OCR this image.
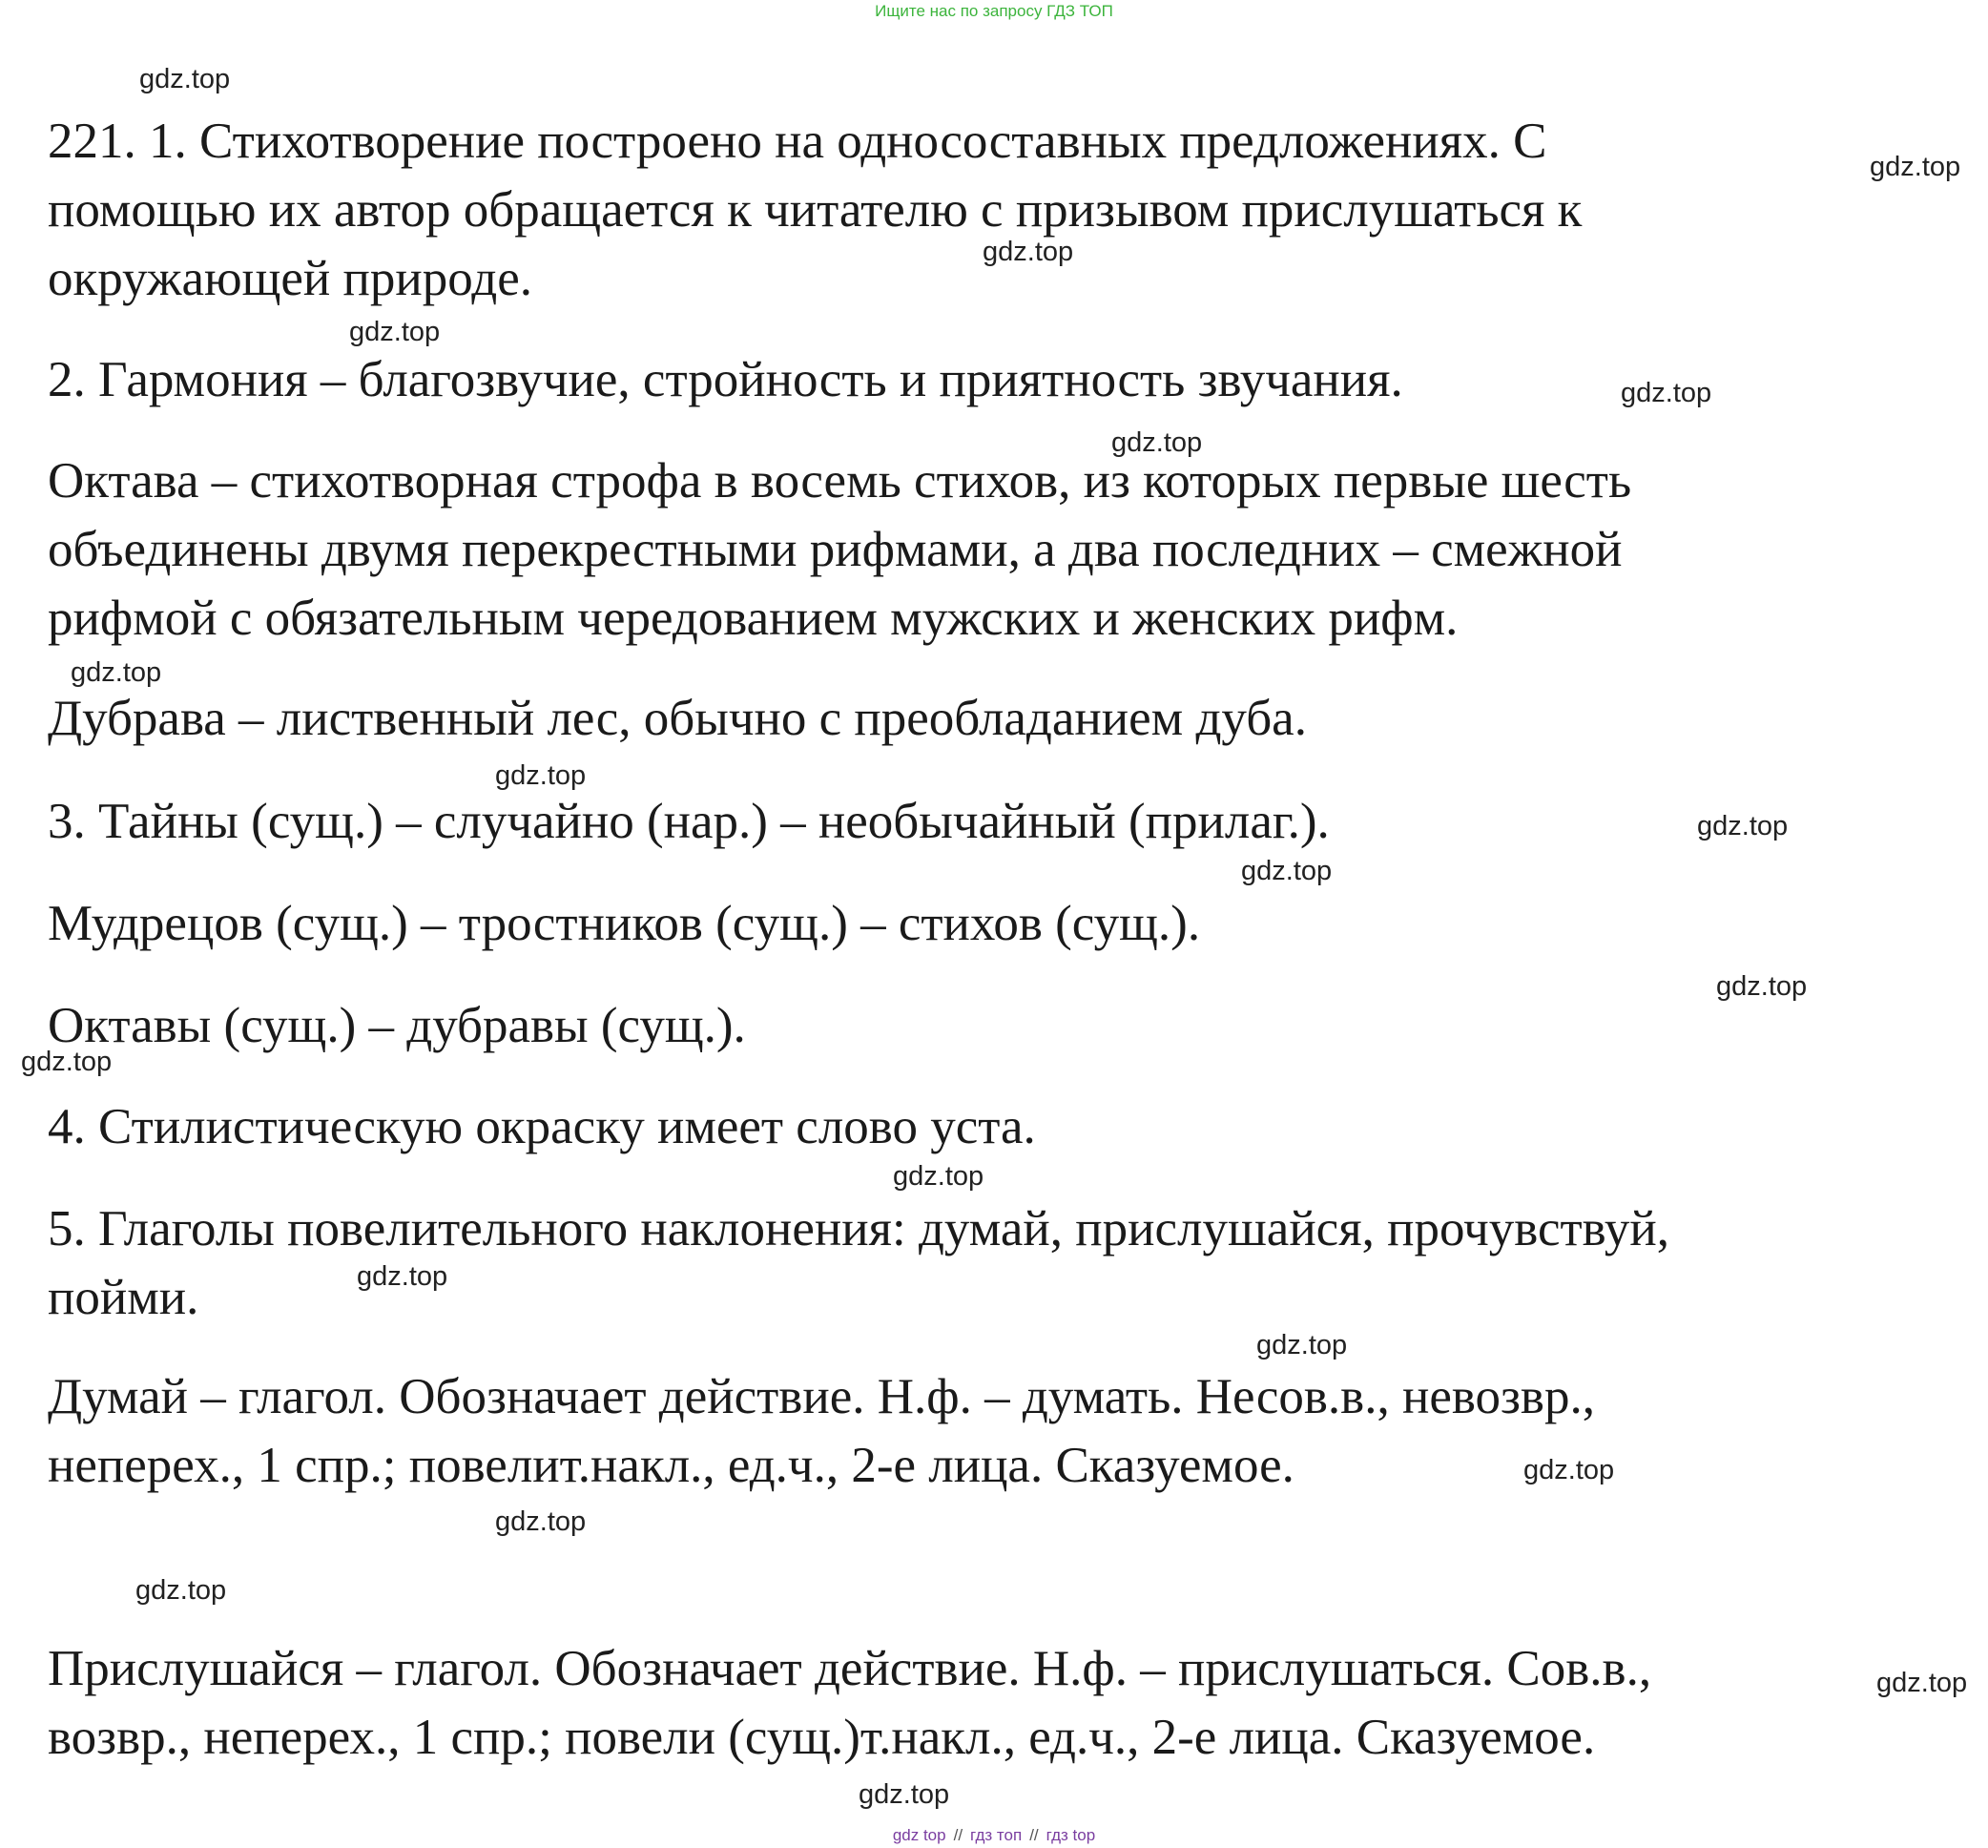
Ищите нас по запросу ГДЗ ТОП

221. 1. Стихотворение построено на односоставных предложениях. С
помощью их автор обращается к читателю с призывом прислушаться к
окружающей природе.

2. Гармония – благозвучие, стройность и приятность звучания.

Октава – стихотворная строфа в восемь стихов, из которых первые шесть
объединены двумя перекрестными рифмами, а два последних – смежной
рифмой с обязательным чередованием мужских и женских рифм.

Дубрава – лиственный лес, обычно с преобладанием дуба.

3. Тайны (сущ.) – случайно (нар.) – необычайный (прилаг.).

Мудрецов (сущ.) – тростников (сущ.) – стихов (сущ.).

Октавы (сущ.) – дубравы (сущ.).

4. Стилистическую окраску имеет слово уста.

5. Глаголы повелительного наклонения: думай, прислушайся, прочувствуй,
пойми.

Думай – глагол. Обозначает действие. Н.ф. – думать. Несов.в., невозвр.,
неперех., 1 спр.; повелит.накл., ед.ч., 2-е лица. Сказуемое.

Прислушайся – глагол. Обозначает действие. Н.ф. – прислушаться. Сов.в.,
возвр., неперех., 1 спр.; повели (сущ.)т.накл., ед.ч., 2-е лица. Сказуемое.

gdz.top
gdz.top
gdz.top
gdz.top
gdz.top
gdz.top
gdz.top
gdz.top
gdz.top
gdz.top
gdz.top
gdz.top
gdz.top
gdz.top
gdz.top
gdz.top
gdz.top
gdz.top
gdz.top
gdz.top
gdz top // гдз топ // гдз top
